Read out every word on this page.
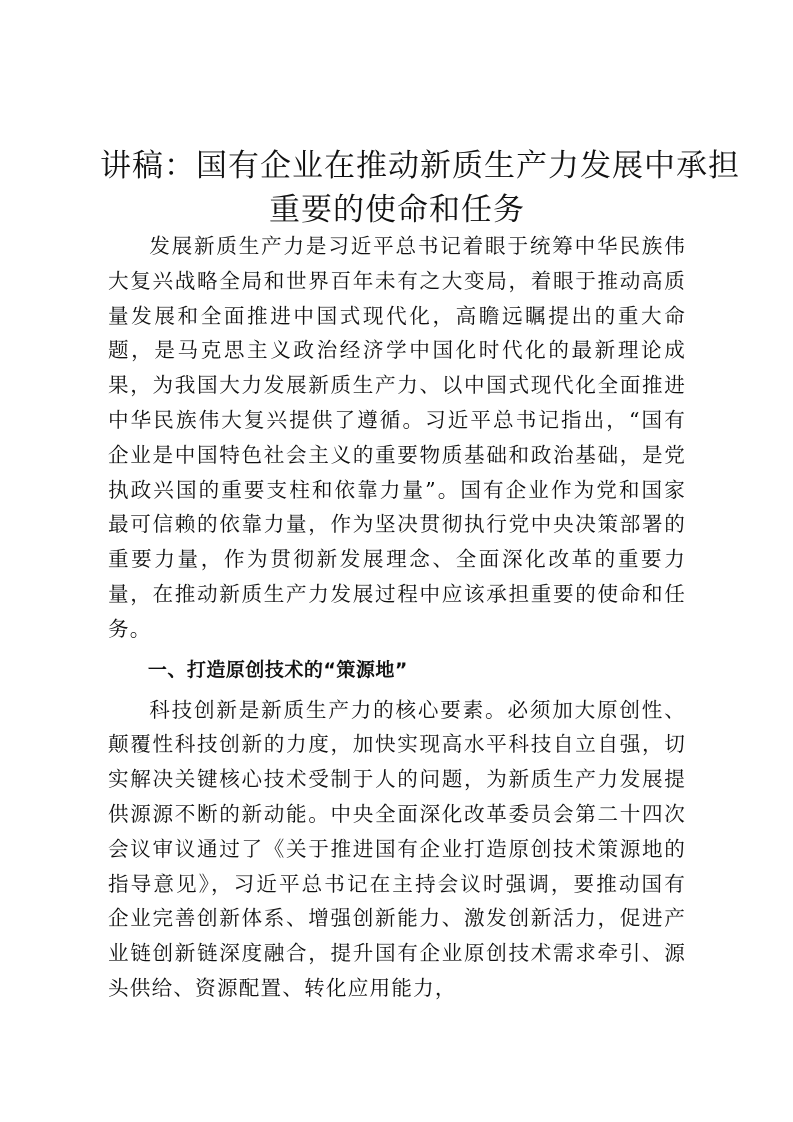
讲稿：国有企业在推动新质生产力发展中承担
重要的使命和任务

发展新质生产力是习近平总书记着眼于统筹中华民族伟大复兴战略全局和世界百年未有之大变局，着眼于推动高质量发展和全面推进中国式现代化，高瞻远瞩提出的重大命题，是马克思主义政治经济学中国化时代化的最新理论成果，为我国大力发展新质生产力、以中国式现代化全面推进中华民族伟大复兴提供了遵循。习近平总书记指出，“国有企业是中国特色社会主义的重要物质基础和政治基础，是党执政兴国的重要支柱和依靠力量”。国有企业作为党和国家最可信赖的依靠力量，作为坚决贯彻执行党中央决策部署的重要力量，作为贯彻新发展理念、全面深化改革的重要力量，在推动新质生产力发展过程中应该承担重要的使命和任务。

一、打造原创技术的“策源地”

科技创新是新质生产力的核心要素。必须加大原创性、颠覆性科技创新的力度，加快实现高水平科技自立自强，切实解决关键核心技术受制于人的问题，为新质生产力发展提供源源不断的新动能。中央全面深化改革委员会第二十四次会议审议通过了《关于推进国有企业打造原创技术策源地的指导意见》，习近平总书记在主持会议时强调，要推动国有企业完善创新体系、增强创新能力、激发创新活力，促进产业链创新链深度融合，提升国有企业原创技术需求牵引、源头供给、资源配置、转化应用能力，
